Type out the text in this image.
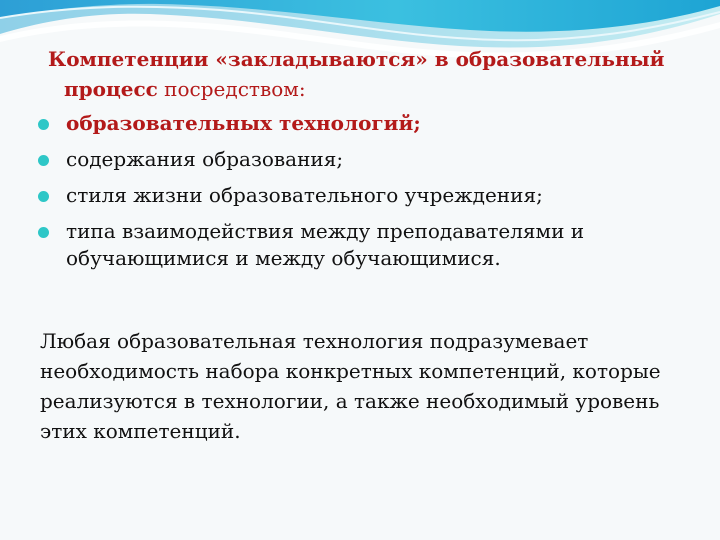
Компетенции «закладываются» в образовательный процесс посредством:
образовательных технологий;
содержания образования;
стиля жизни образовательного учреждения;
типа взаимодействия между преподавателями и обучающимися и между обучающимися.
Любая образовательная технология подразумевает необходимость набора конкретных компетенций, которые реализуются в технологии, а также необходимый уровень этих компетенций.
